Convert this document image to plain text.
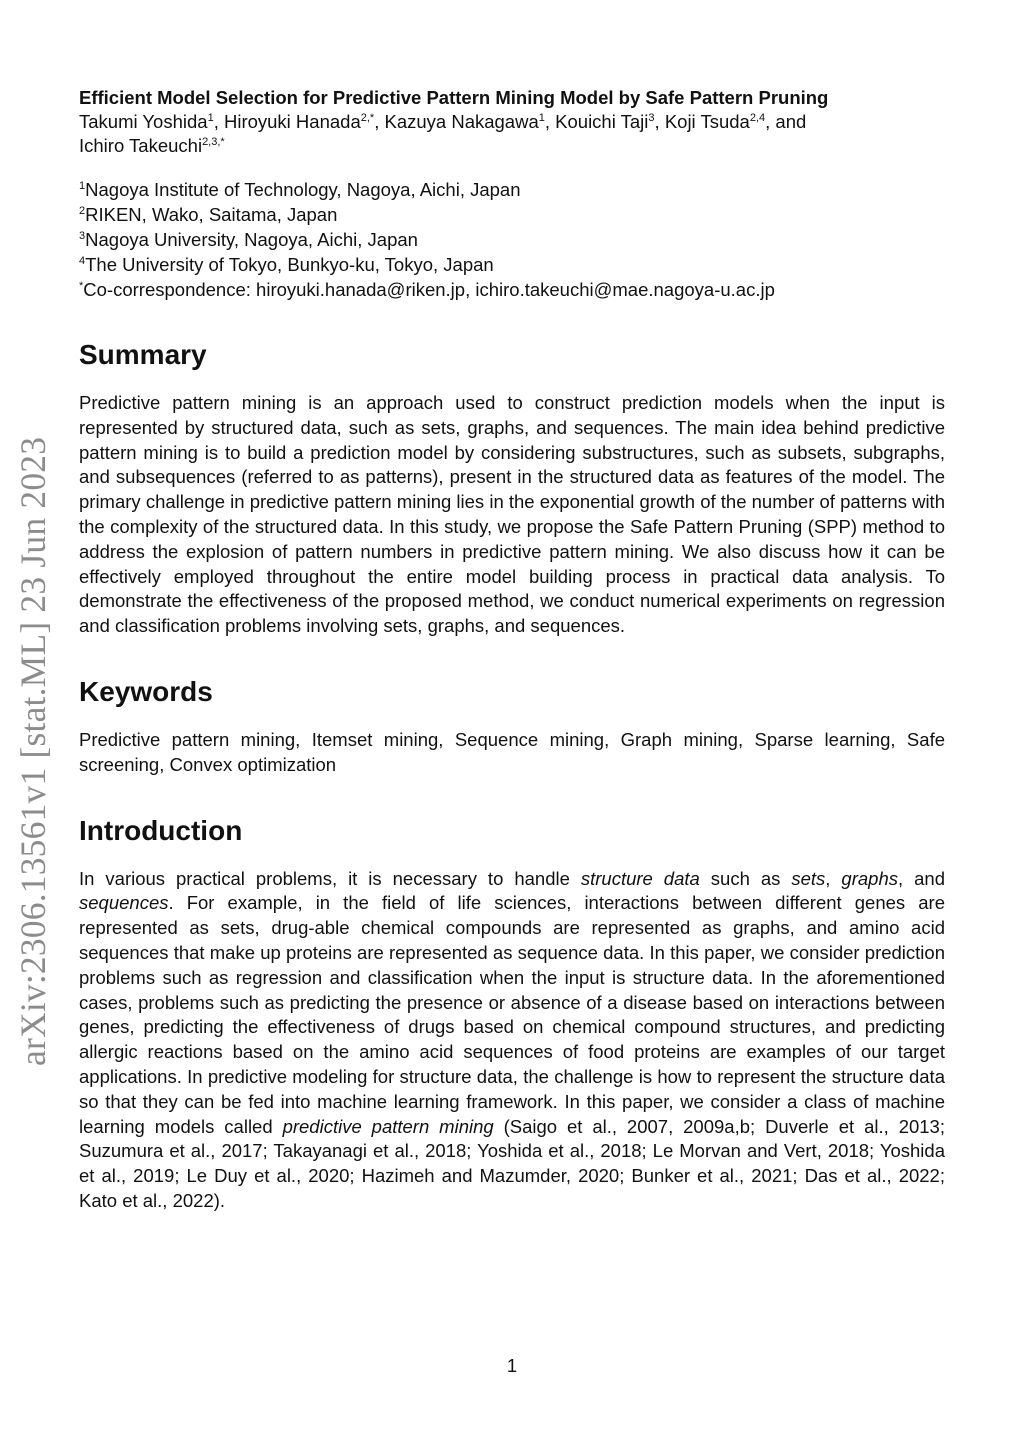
arXiv:2306.13561v1 [stat.ML] 23 Jun 2023

Efficient Model Selection for Predictive Pattern Mining Model by Safe Pattern Pruning

Takumi Yoshida$^1$, Hiroyuki Hanada$^{2,*}$, Kazuya Nakagawa$^1$, Kouichi Taji$^3$, Koji Tsuda$^{2,4}$, and
Ichiro Takeuchi$^{2,3,*}$

$^1$Nagoya Institute of Technology, Nagoya, Aichi, Japan
$^2$RIKEN, Wako, Saitama, Japan
$^3$Nagoya University, Nagoya, Aichi, Japan
$^4$The University of Tokyo, Bunkyo-ku, Tokyo, Japan
*Co-correspondence: hiroyuki.hanada@riken.jp, ichiro.takeuchi@mae.nagoya-u.ac.jp
Summary

Predictive pattern mining is an approach used to construct prediction models when the input is represented by structured data, such as sets, graphs, and sequences. The main idea behind predictive pattern mining is to build a prediction model by considering substructures, such as subsets, subgraphs, and subsequences (referred to as patterns), present in the structured data as features of the model. The primary challenge in predictive pattern mining lies in the exponential growth of the number of patterns with the complexity of the structured data. In this study, we propose the Safe Pattern Pruning (SPP) method to address the explosion of pattern numbers in predictive pattern mining. We also discuss how it can be effectively employed throughout the entire model building process in practical data analysis. To demonstrate the effectiveness of the proposed method, we conduct numerical experiments on regression and classification problems involving sets, graphs, and sequences.

Keywords

Predictive pattern mining, Itemset mining, Sequence mining, Graph mining, Sparse learning, Safe screening, Convex optimization

Introduction

In various practical problems, it is necessary to handle structure data such as sets, graphs, and sequences. For example, in the field of life sciences, interactions between different genes are represented as sets, drug-able chemical compounds are represented as graphs, and amino acid sequences that make up proteins are represented as sequence data. In this paper, we consider prediction problems such as regression and classification when the input is structure data. In the aforementioned cases, problems such as predicting the presence or absence of a disease based on interactions between genes, predicting the effectiveness of drugs based on chemical compound structures, and predicting allergic reactions based on the amino acid sequences of food proteins are examples of our target applications. In predictive modeling for structure data, the challenge is how to represent the structure data so that they can be fed into machine learning framework. In this paper, we consider a class of machine learning models called predictive pattern mining (Saigo et al., 2007, 2009a,b; Duverle et al., 2013; Suzumura et al., 2017; Takayanagi et al., 2018; Yoshida et al., 2018; Le Morvan and Vert, 2018; Yoshida et al., 2019; Le Duy et al., 2020; Hazimeh and Mazumder, 2020; Bunker et al., 2021; Das et al., 2022; Kato et al., 2022).

1
